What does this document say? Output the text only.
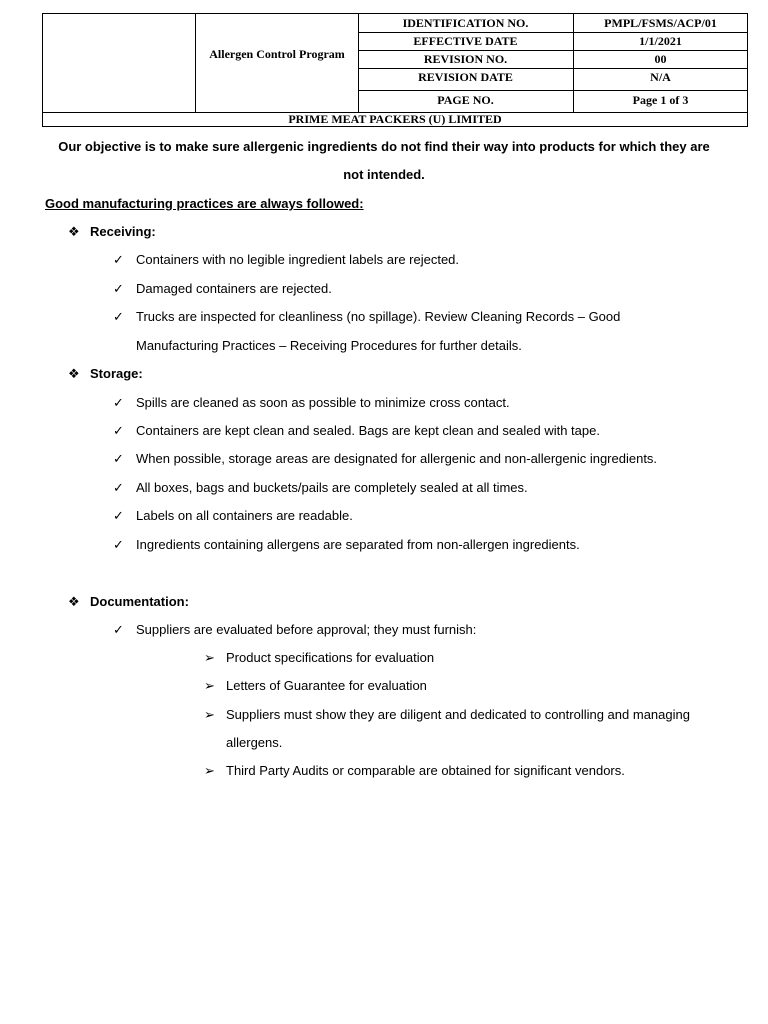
Allergen Control Program
IDENTIFICATION NO.	PMPL/FSMS/ACP/01
EFFECTIVE DATE	1/1/2021
REVISION NO.	00
REVISION DATE	N/A
PAGE NO.	Page 1 of 3
PRIME MEAT PACKERS (U) LIMITED
Our objective is to make sure allergenic ingredients do not find their way into products for which they are
not intended.
Good manufacturing practices are always followed:
❖ Receiving:
✓ Containers with no legible ingredient labels are rejected.
✓ Damaged containers are rejected.
✓ Trucks are inspected for cleanliness (no spillage). Review Cleaning Records – Good
Manufacturing Practices – Receiving Procedures for further details.
❖ Storage:
✓ Spills are cleaned as soon as possible to minimize cross contact.
✓ Containers are kept clean and sealed. Bags are kept clean and sealed with tape.
✓ When possible, storage areas are designated for allergenic and non-allergenic ingredients.
✓ All boxes, bags and buckets/pails are completely sealed at all times.
✓ Labels on all containers are readable.
✓ Ingredients containing allergens are separated from non-allergen ingredients.
❖ Documentation:
✓ Suppliers are evaluated before approval; they must furnish:
➢ Product specifications for evaluation
➢ Letters of Guarantee for evaluation
➢ Suppliers must show they are diligent and dedicated to controlling and managing
allergens.
➢ Third Party Audits or comparable are obtained for significant vendors.
